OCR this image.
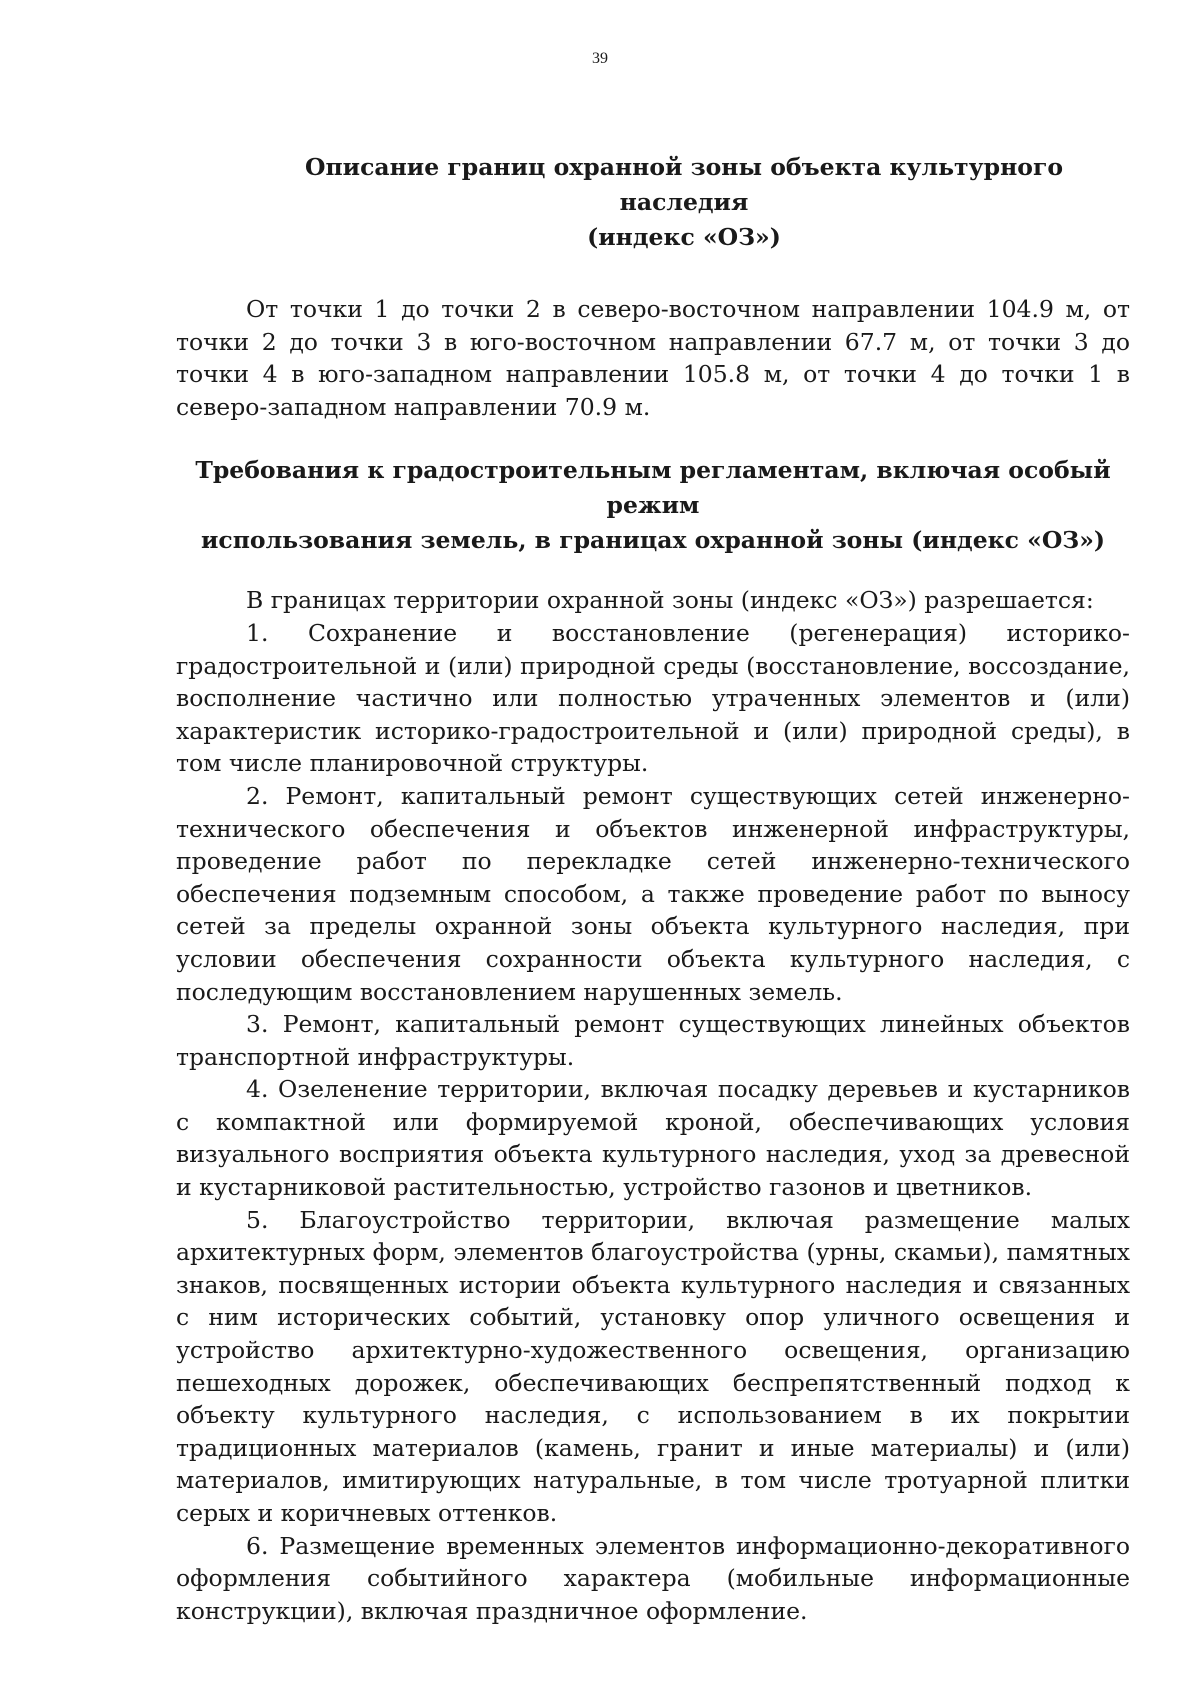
39

Описание границ охранной зоны объекта культурного наследия
(индекс «ОЗ»)

От точки 1 до точки 2 в северо-восточном направлении 104.9 м, от точки 2 до точки 3 в юго-восточном направлении 67.7 м, от точки 3 до точки 4 в юго-западном направлении 105.8 м, от точки 4 до точки 1 в северо-западном направлении 70.9 м.

Требования к градостроительным регламентам, включая особый режим
использования земель, в границах охранной зоны (индекс «ОЗ»)

В границах территории охранной зоны (индекс «ОЗ») разрешается:

1. Сохранение и восстановление (регенерация) историко-градостроительной и (или) природной среды (восстановление, воссоздание, восполнение частично или полностью утраченных элементов и (или) характеристик историко-градостроительной и (или) природной среды), в том числе планировочной структуры.

2. Ремонт, капитальный ремонт существующих сетей инженерно-технического обеспечения и объектов инженерной инфраструктуры, проведение работ по перекладке сетей инженерно-технического обеспечения подземным способом, а также проведение работ по выносу сетей за пределы охранной зоны объекта культурного наследия, при условии обеспечения сохранности объекта культурного наследия, с последующим восстановлением нарушенных земель.

3. Ремонт, капитальный ремонт существующих линейных объектов транспортной инфраструктуры.

4. Озеленение территории, включая посадку деревьев и кустарников с компактной или формируемой кроной, обеспечивающих условия визуального восприятия объекта культурного наследия, уход за древесной и кустарниковой растительностью, устройство газонов и цветников.

5. Благоустройство территории, включая размещение малых архитектурных форм, элементов благоустройства (урны, скамьи), памятных знаков, посвященных истории объекта культурного наследия и связанных с ним исторических событий, установку опор уличного освещения и устройство архитектурно-художественного освещения, организацию пешеходных дорожек, обеспечивающих беспрепятственный подход к объекту культурного наследия, с использованием в их покрытии традиционных материалов (камень, гранит и иные материалы) и (или) материалов, имитирующих натуральные, в том числе тротуарной плитки серых и коричневых оттенков.

6. Размещение временных элементов информационно-декоративного оформления событийного характера (мобильные информационные конструкции), включая праздничное оформление.
